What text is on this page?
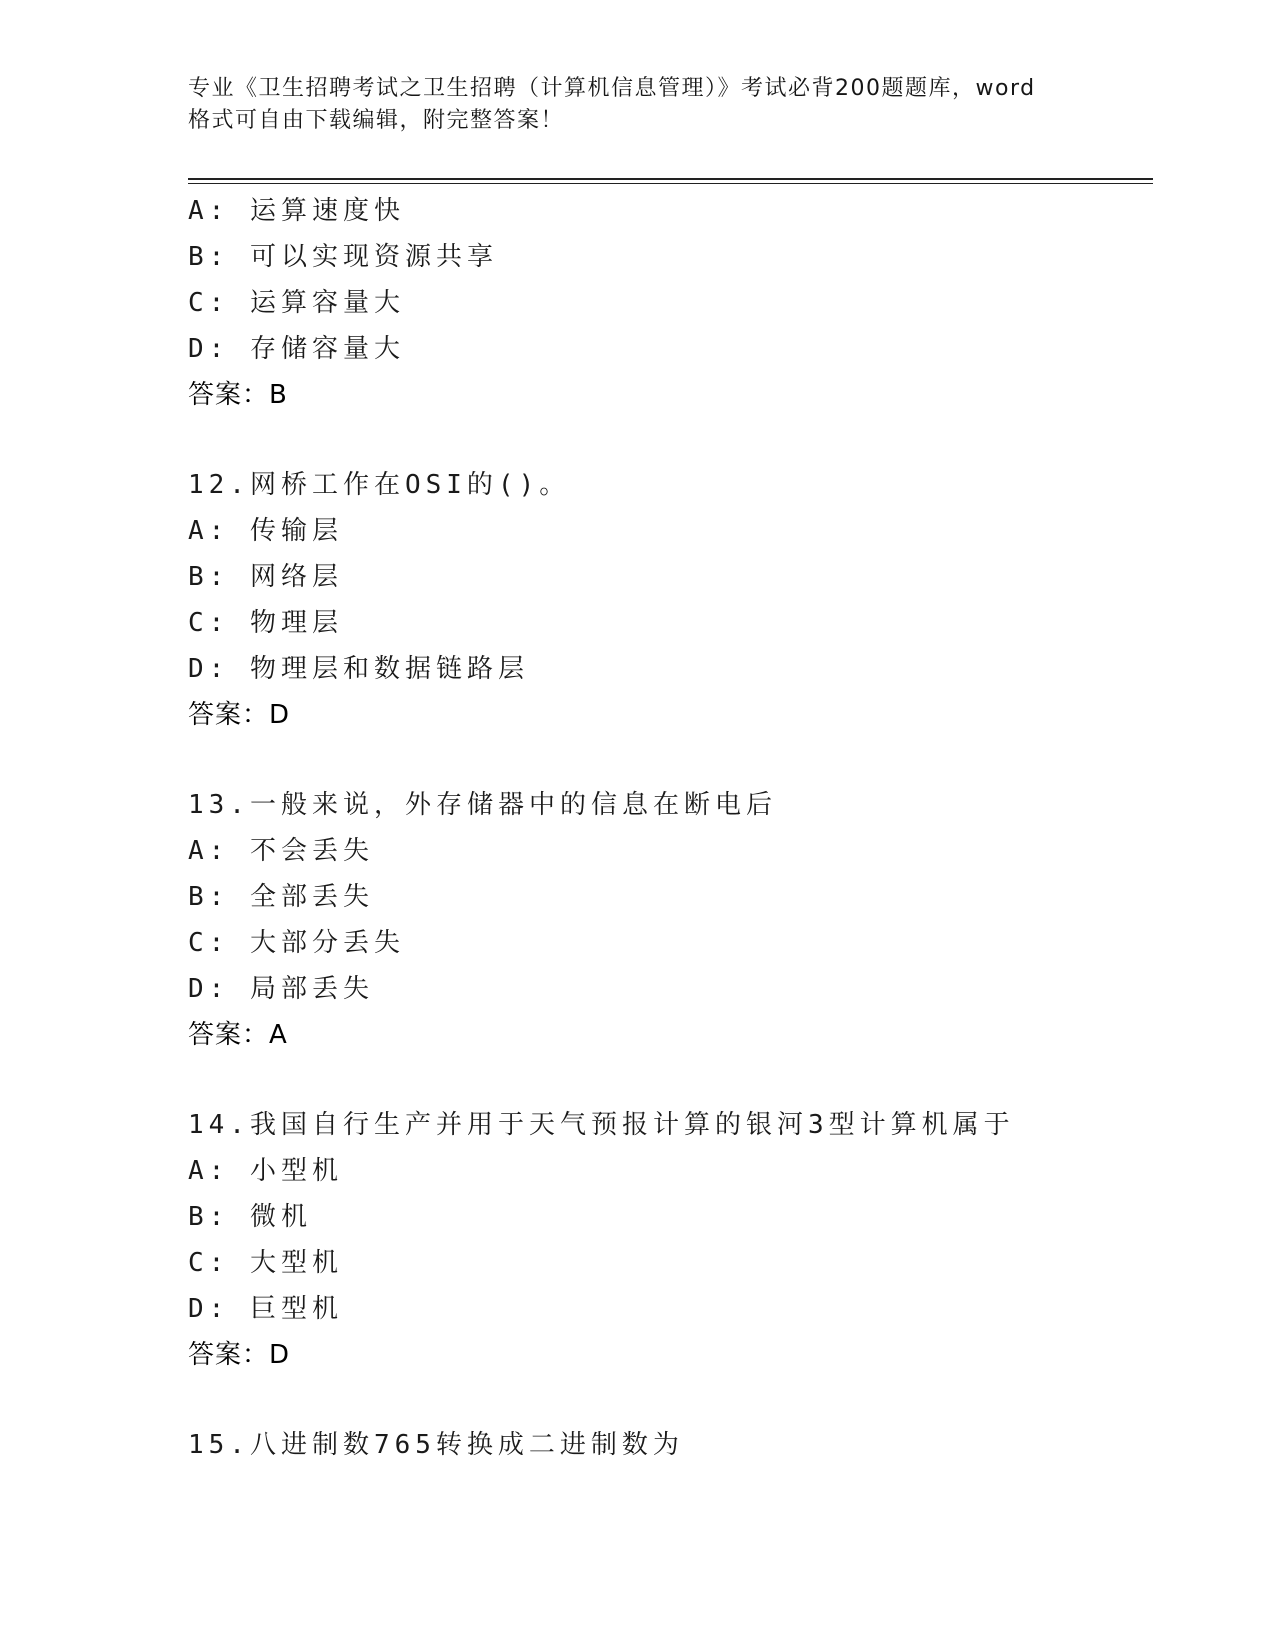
专业《卫生招聘考试之卫生招聘（计算机信息管理）》考试必背200题题库，word
格式可自由下载编辑，附完整答案！
A: 运算速度快
B: 可以实现资源共享
C: 运算容量大
D: 存储容量大
答案：B
12.网桥工作在OSI的()。
A: 传输层
B: 网络层
C: 物理层
D: 物理层和数据链路层
答案：D
13.一般来说，外存储器中的信息在断电后
A: 不会丢失
B: 全部丢失
C: 大部分丢失
D: 局部丢失
答案：A
14.我国自行生产并用于天气预报计算的银河3型计算机属于
A: 小型机
B: 微机
C: 大型机
D: 巨型机
答案：D
15.八进制数765转换成二进制数为
